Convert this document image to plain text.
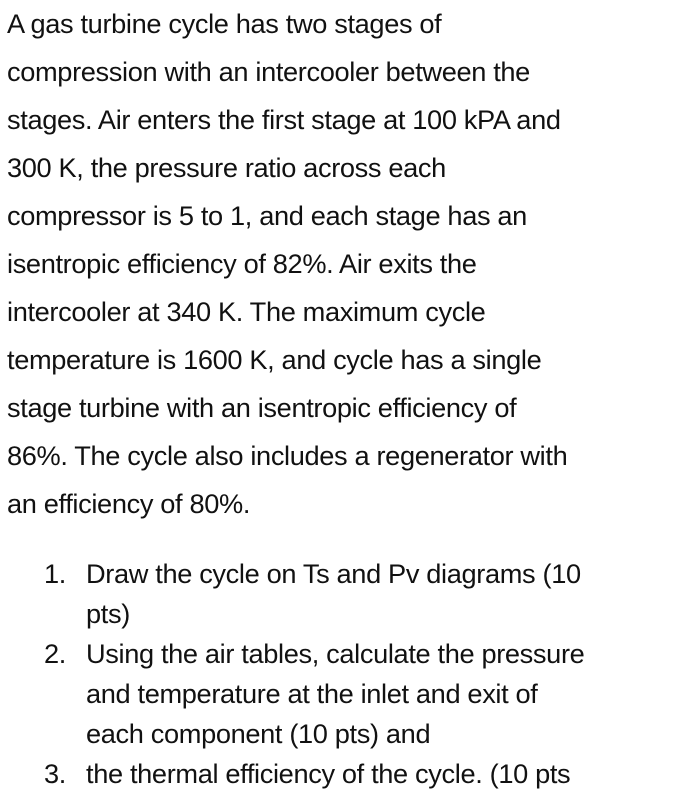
A gas turbine cycle has two stages of
compression with an intercooler between the
stages. Air enters the first stage at 100 kPA and
300 K, the pressure ratio across each
compressor is 5 to 1, and each stage has an
isentropic efficiency of 82%. Air exits the
intercooler at 340 K. The maximum cycle
temperature is 1600 K, and cycle has a single
stage turbine with an isentropic efficiency of
86%. The cycle also includes a regenerator with
an efficiency of 80%.

1. Draw the cycle on Ts and Pv diagrams (10
pts)
2. Using the air tables, calculate the pressure
and temperature at the inlet and exit of
each component (10 pts) and
3. the thermal efficiency of the cycle. (10 pts
